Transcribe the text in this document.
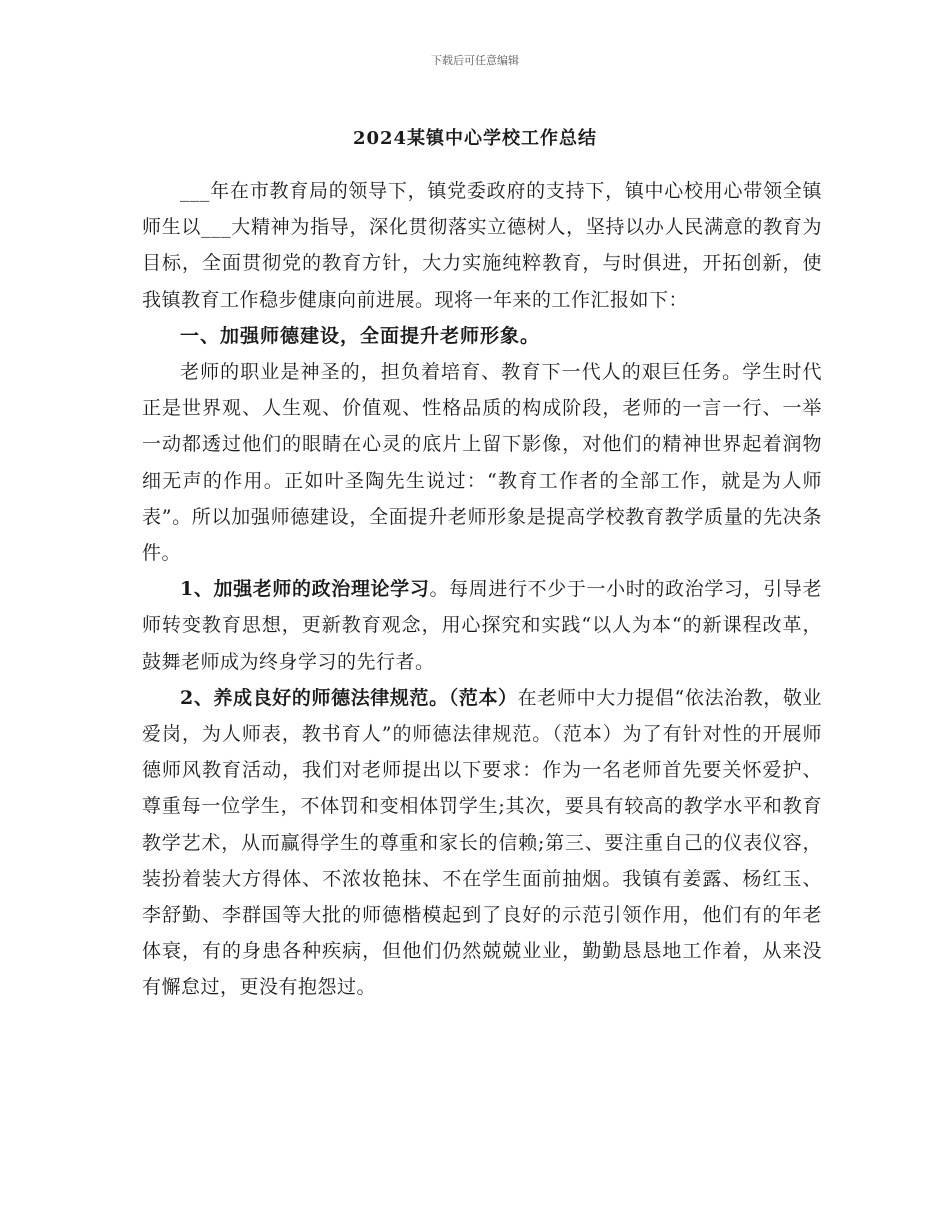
下载后可任意编辑
2024某镇中心学校工作总结

___年在市教育局的领导下，镇党委政府的支持下，镇中心校用心带领全镇师生以___大精神为指导，深化贯彻落实立德树人，坚持以办人民满意的教育为目标，全面贯彻党的教育方针，大力实施纯粹教育，与时俱进，开拓创新，使我镇教育工作稳步健康向前进展。现将一年来的工作汇报如下：

一、加强师德建设，全面提升老师形象。

老师的职业是神圣的，担负着培育、教育下一代人的艰巨任务。学生时代正是世界观、人生观、价值观、性格品质的构成阶段，老师的一言一行、一举一动都透过他们的眼睛在心灵的底片上留下影像，对他们的精神世界起着润物细无声的作用。正如叶圣陶先生说过：“教育工作者的全部工作，就是为人师表”。所以加强师德建设，全面提升老师形象是提高学校教育教学质量的先决条件。

1、加强老师的政治理论学习。每周进行不少于一小时的政治学习，引导老师转变教育思想，更新教育观念，用心探究和实践“以人为本“的新课程改革，鼓舞老师成为终身学习的先行者。

2、养成良好的师德法律规范。（范本）在老师中大力提倡“依法治教，敬业爱岗，为人师表，教书育人”的师德法律规范。（范本）为了有针对性的开展师德师风教育活动，我们对老师提出以下要求：作为一名老师首先要关怀爱护、尊重每一位学生，不体罚和变相体罚学生;其次，要具有较高的教学水平和教育教学艺术，从而赢得学生的尊重和家长的信赖;第三、要注重自己的仪表仪容，装扮着装大方得体、不浓妆艳抹、不在学生面前抽烟。我镇有姜露、杨红玉、李舒勤、李群国等大批的师德楷模起到了良好的示范引领作用，他们有的年老体衰，有的身患各种疾病，但他们仍然兢兢业业，勤勤恳恳地工作着，从来没有懈怠过，更没有抱怨过。
